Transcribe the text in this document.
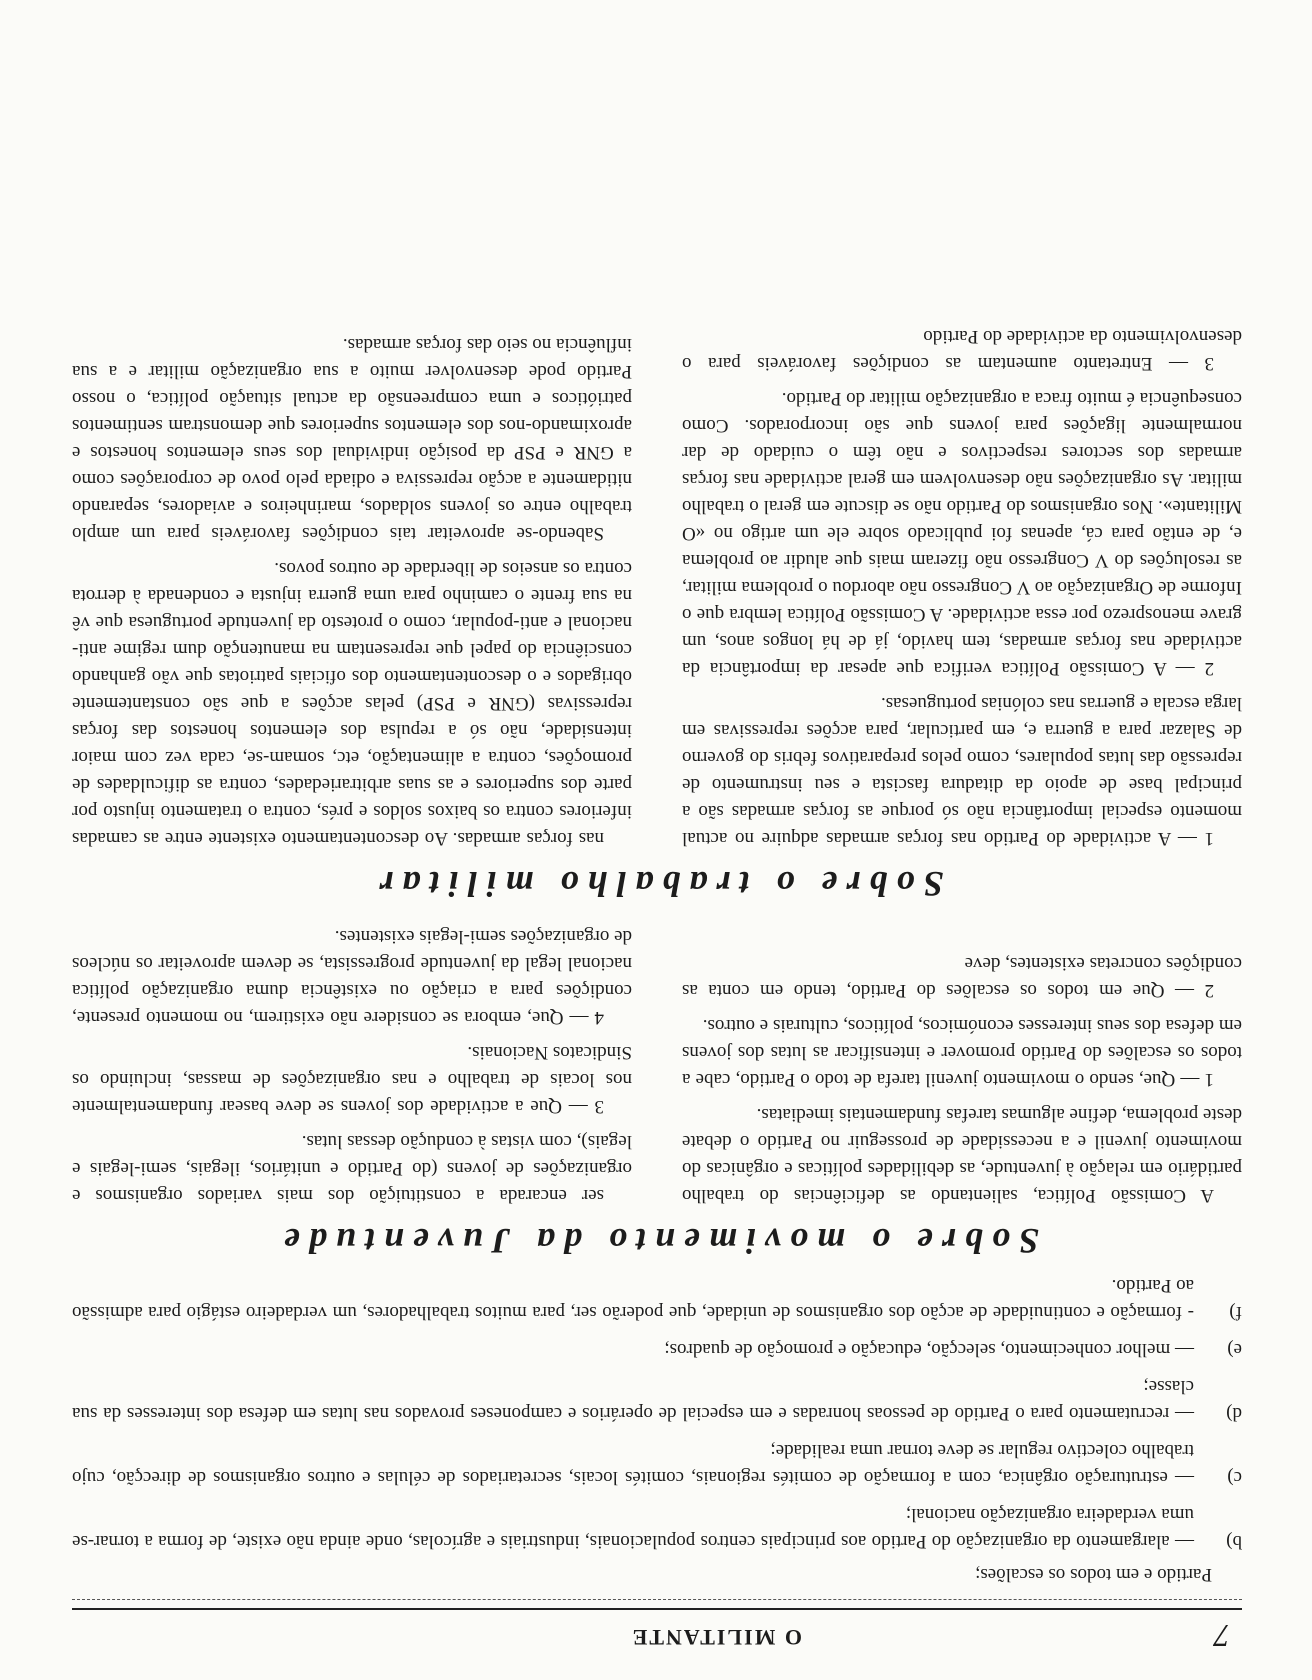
7
O MILITANTE
Partido e em todos os escalões;
b)
— alargamento da organização do Partido aos principais centros populacionais, industriais e agrícolas, onde ainda não existe, de forma a tornar-se uma verdadeira organização nacional;
c)
— estruturação orgânica, com a formação de comités regionais, comités locais, secretariados de células e outros organismos de direcção, cujo trabalho colectivo regular se deve tornar uma realidade;
d)
— recrutamento para o Partido de pessoas honradas e em especial de operários e camponeses provados nas lutas em defesa dos interesses da sua classe;
e)
— melhor conhecimento, selecção, educação e promoção de quadros;
f)
- formação e continuidade de acção dos organismos de unidade, que poderão ser, para muitos trabalhadores, um verdadeiro estágio para admissão ao Partido.
Sobre o movimento da Juventude

A Comissão Política, salientando as deficiências do trabalho partidário em relação à juventude, as debilidades políticas e orgânicas do movimento juvenil e a necessidade de prosseguir no Partido o debate deste problema, define algumas tarefas fundamentais imediatas.

1 — Que, sendo o movimento juvenil tarefa de todo o Partido, cabe a todos os escalões do Partido promover e intensificar as lutas dos jovens em defesa dos seus interesses económicos, políticos, culturais e outros.

2 — Que em todos os escalões do Partido, tendo em conta as condições concretas existentes, deve

ser encarada a constituição dos mais variados organismos e organizações de jovens (do Partido e unitários, ilegais, semi-legais e legais), com vistas à condução dessas lutas.

3 — Que a actividade dos jovens se deve basear fundamentalmente nos locais de trabalho e nas organizações de massas, incluindo os Sindicatos Nacionais.

4 — Que, embora se considere não existirem, no momento presente, condições para a criação ou existência duma organização política nacional legal da juventude progressista, se devem aproveitar os núcleos de organizações semi-legais existentes.

Sobre o trabalho militar

1 — A actividade do Partido nas forças armadas adquire no actual momento especial importância não só porque as forças armadas são a principal base de apoio da ditadura fascista e seu instrumento de repressão das lutas populares, como pelos preparativos febris do governo de Salazar para a guerra e, em particular, para acções repressivas em larga escala e guerras nas colónias portuguesas.

2 — A Comissão Política verifica que apesar da importância da actividade nas forças armadas, tem havido, já de há longos anos, um grave menosprezo por essa actividade. A Comissão Política lembra que o Informe de Organização ao V Congresso não abordou o problema militar, as resoluções do V Congresso não fizeram mais que aludir ao problema e, de então para cá, apenas foi publicado sobre ele um artigo no «O Militante». Nos organismos do Partido não se discute em geral o trabalho militar. As organizações não desenvolvem em geral actividade nas forças armadas dos sectores respectivos e não têm o cuidado de dar normalmente ligações para jovens que são incorporados. Como consequência é muito fraca a organização militar do Partido.

3 — Entretanto aumentam as condições favoráveis para o desenvolvimento da actividade do Partido

nas forças armadas. Ao descontentamento existente entre as camadas inferiores contra os baixos soldos e prés, contra o tratamento injusto por parte dos superiores e as suas arbitrariedades, contra as dificuldades de promoções, contra a alimentação, etc, somam-se, cada vez com maior intensidade, não só a repulsa dos elementos honestos das forças repressivas (GNR e PSP) pelas acções a que são constantemente obrigados e o descontentamento dos oficiais patriotas que vão ganhando consciência do papel que representam na manutenção dum regime anti-nacional e anti-popular, como o protesto da juventude portuguesa que vê na sua frente o caminho para uma guerra injusta e condenada à derrota contra os anseios de liberdade de outros povos.

Sabendo-se aproveitar tais condições favoráveis para um amplo trabalho entre os jovens soldados, marinheiros e aviadores, separando nitidamente a acção repressiva e odiada pelo povo de corporações como a GNR e PSP da posição individual dos seus elementos honestos e aproximando-nos dos elementos superiores que demonstram sentimentos patrióticos e uma compreensão da actual situação política, o nosso Partido pode desenvolver muito a sua organização militar e a sua influência no seio das forças armadas.
